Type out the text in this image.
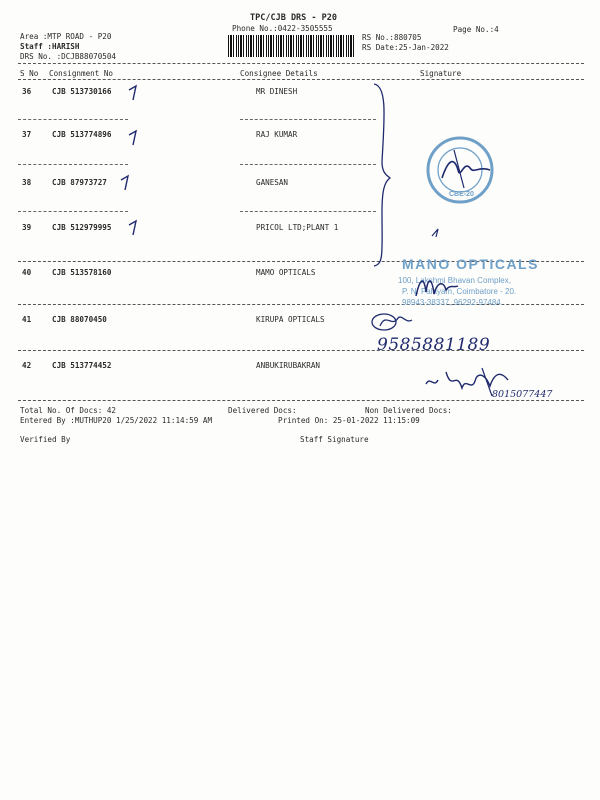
TPC/CJB DRS - P20
Phone No.:0422-3505555
Area :MTP ROAD - P20
Staff :HARISH
DRS No. :DCJB88070504
Page No.:4
RS No.:880705
RS Date:25-Jan-2022
S No Consignment No	Consignee Details	Signature
36	CJB 513730166	MR DINESH
37	CJB 513774896	RAJ KUMAR
38	CJB 87973727	GANESAN
39	CJB 512979995	PRICOL LTD;PLANT 1
40	CJB 513578160	MAMO OPTICALS
41	CJB 88070450	KIRUPA OPTICALS
42	CJB 513774452	ANBUKIRUBAKRAN
Total No. Of Docs: 42	Delivered Docs:	Non Delivered Docs:
Entered By :MUTHUP20 1/25/2022 11:14:59 AM	Printed On: 25-01-2022 11:15:09
Verified By	Staff Signature
CBE-20
MANO OPTICALS
100, Lakshmi Bhavan Complex,
P. N. Palayam, Coimbatore - 20.
98943-38337, 96292-97484.
9585881189
8015077447
